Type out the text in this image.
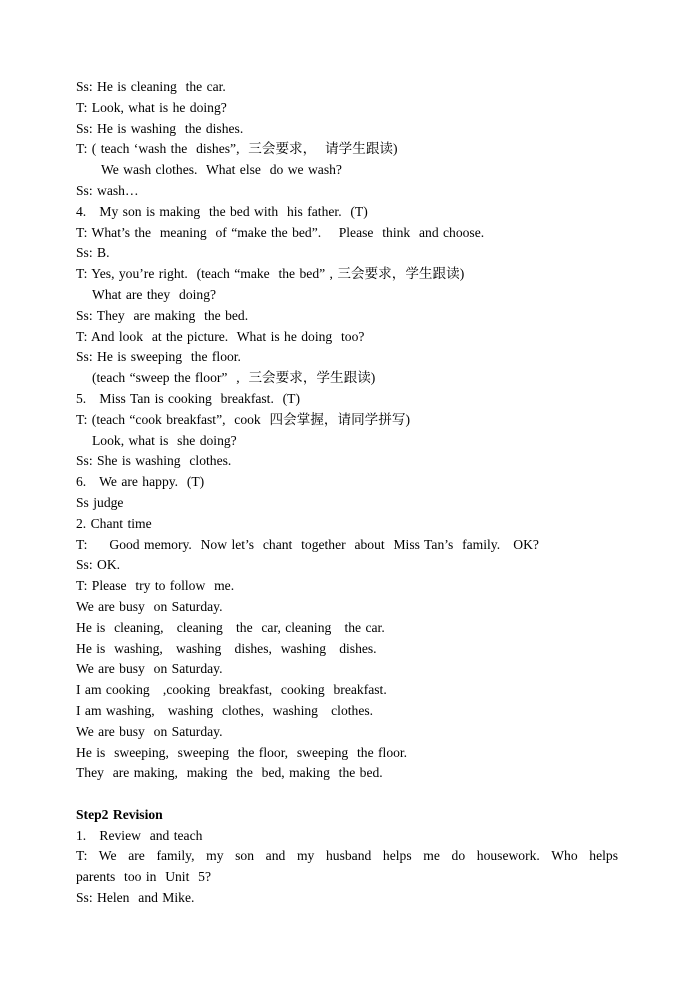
Ss: He is cleaning  the car.
T: Look, what is he doing?
Ss: He is washing  the dishes.
T: ( teach ‘wash the  dishes”,  三会要求，  请学生跟读)
We wash clothes.  What else  do we wash?
Ss: wash…
4.   My son is making  the bed with  his father.  (T)
T: What’s the  meaning  of “make the bed”.    Please  think  and choose.
Ss: B.
T: Yes, you’re right.  (teach “make  the bed” , 三会要求，学生跟读)
What are they  doing?
Ss: They  are making  the bed.
T: And look  at the picture.  What is he doing  too?
Ss: He is sweeping  the floor.
(teach “sweep the floor”  ,  三会要求，学生跟读)
5.   Miss Tan is cooking  breakfast.  (T)
T: (teach “cook breakfast”,  cook  四会掌握，请同学拼写)
Look, what is  she doing?
Ss: She is washing  clothes.
6.   We are happy.  (T)
Ss judge
2. Chant time
T:     Good memory.  Now let’s  chant  together  about  Miss Tan’s  family.   OK?
Ss: OK.
T: Please  try to follow  me.
We are busy  on Saturday.
He is  cleaning,   cleaning   the  car, cleaning   the car.
He is  washing,   washing   dishes,  washing   dishes.
We are busy  on Saturday.
I am cooking   ,cooking  breakfast,  cooking  breakfast.
I am washing,   washing  clothes,  washing   clothes.
We are busy  on Saturday.
He is  sweeping,  sweeping  the floor,  sweeping  the floor.
They  are making,  making  the  bed, making  the bed.
Step2 Revision
1.   Review  and teach
T: We are family, my son and my husband helps me do housework. Who helps
parents  too in  Unit  5?
Ss: Helen  and Mike.
